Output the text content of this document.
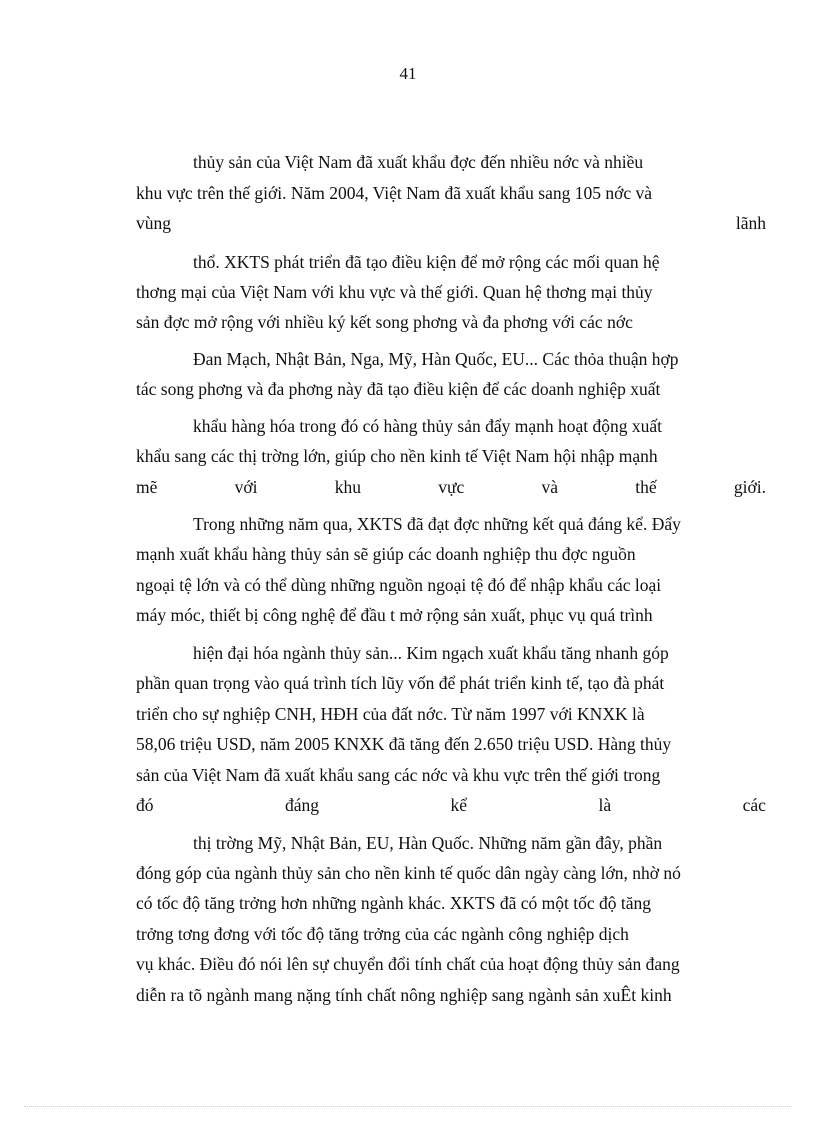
41
thủy sản của Việt Nam đã xuất khẩu đợc đến nhiều nớc và nhiều
khu vực trên thế giới. Năm 2004, Việt Nam đã xuất khẩu sang 105 nớc và
vùng	lãnh
thổ. XKTS phát triển đã tạo điều kiện để mở rộng các mối quan hệ
thơng mại của Việt Nam với khu vực và thế giới. Quan hệ thơng mại thủy
sản đợc mở rộng với nhiều ký kết song phơng và đa phơng với các nớc
Đan Mạch, Nhật Bản, Nga, Mỹ, Hàn Quốc, EU... Các thỏa thuận hợp
tác song phơng và đa phơng này đã tạo điều kiện để các doanh nghiệp xuất
khẩu hàng hóa trong đó có hàng thủy sản đẩy mạnh hoạt động xuất
khẩu sang các thị trờng lớn, giúp cho nền kinh tế Việt Nam hội nhập mạnh
mẽ	với	khu	vực	và	thế	giới.
Trong những năm qua, XKTS đã đạt đợc những kết quả đáng kể. Đẩy
mạnh xuất khẩu hàng thủy sản sẽ giúp các doanh nghiệp thu đợc nguồn
ngoại tệ lớn và có thể dùng những nguồn ngoại tệ đó để nhập khẩu các loại
máy móc, thiết bị công nghệ để đầu t mở rộng sản xuất, phục vụ quá trình
hiện đại hóa ngành thủy sản... Kim ngạch xuất khẩu tăng nhanh góp
phần quan trọng vào quá trình tích lũy vốn để phát triển kinh tế, tạo đà phát
triển cho sự nghiệp CNH, HĐH của đất nớc. Từ năm 1997 với KNXK là
58,06 triệu USD, năm 2005 KNXK đã tăng đến 2.650 triệu USD. Hàng thủy
sản của Việt Nam đã xuất khẩu sang các nớc và khu vực trên thế giới trong
đó	đáng	kể	là	các
thị trờng Mỹ, Nhật Bản, EU, Hàn Quốc. Những năm gần đây, phần
đóng góp của ngành thủy sản cho nền kinh tế quốc dân ngày càng lớn, nhờ nó
có tốc độ tăng trởng hơn những ngành khác. XKTS đã có một tốc độ tăng
trởng tơng đơng với tốc độ tăng trởng của các ngành công nghiệp dịch
vụ khác. Điều đó nói lên sự chuyển đổi tính chất của hoạt động thủy sản đang
diễn ra tõ ngành mang nặng tính chất nông nghiệp sang ngành sản xuÊt kinh
